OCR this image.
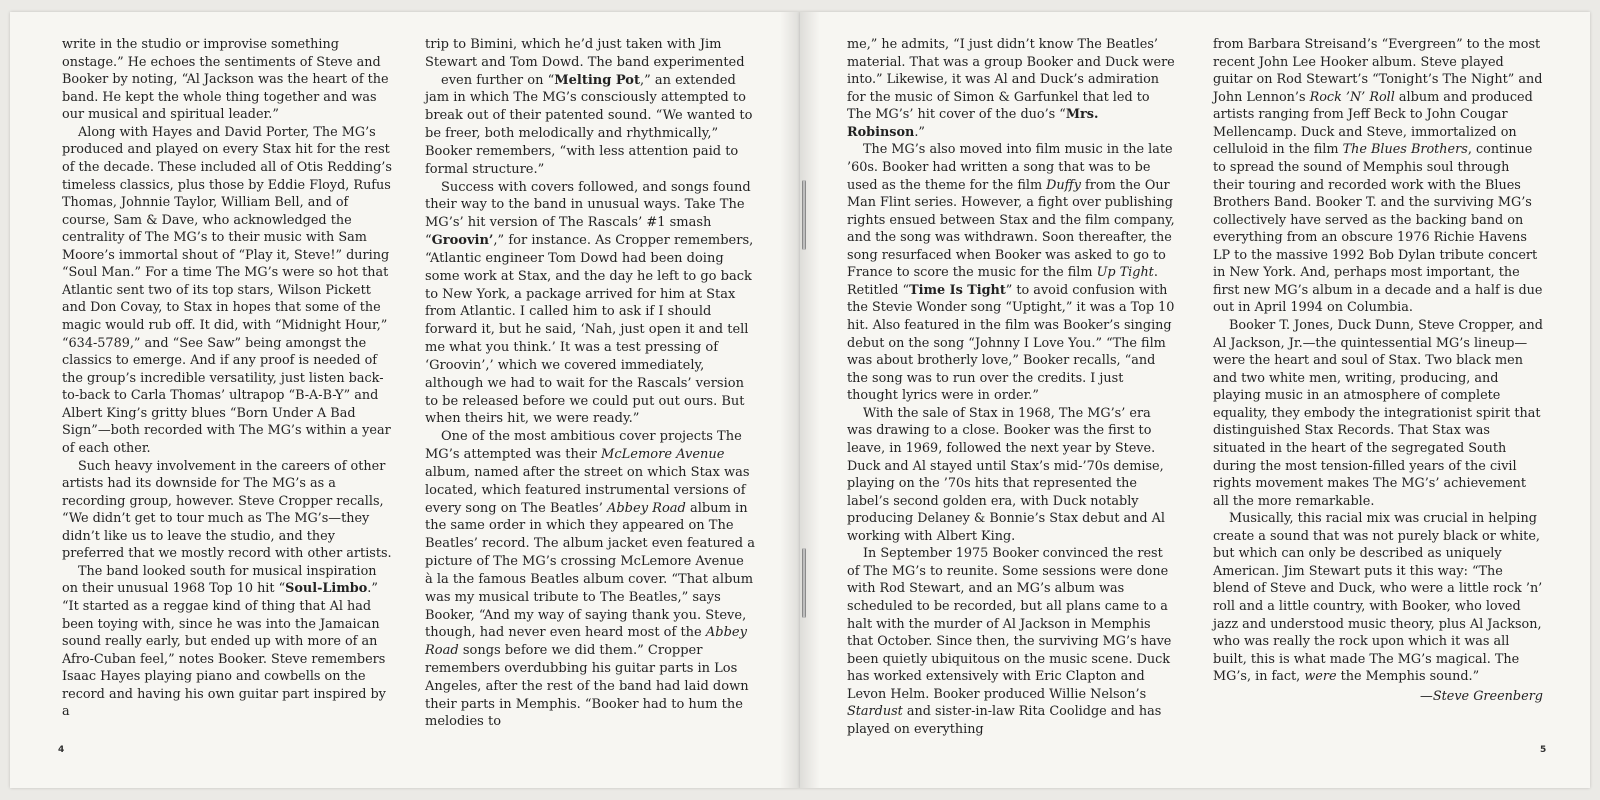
write in the studio or improvise something onstage.” He echoes the sentiments of Steve and Booker by noting, “Al Jackson was the heart of the band. He kept the whole thing together and was our musical and spiritual leader.”

Along with Hayes and David Porter, The MG’s produced and played on every Stax hit for the rest of the decade. These included all of Otis Redding’s timeless classics, plus those by Eddie Floyd, Rufus Thomas, Johnnie Taylor, William Bell, and of course, Sam & Dave, who acknowledged the centrality of The MG’s to their music with Sam Moore’s immortal shout of “Play it, Steve!” during “Soul Man.” For a time The MG’s were so hot that Atlantic sent two of its top stars, Wilson Pickett and Don Covay, to Stax in hopes that some of the magic would rub off. It did, with “Midnight Hour,” “634-5789,” and “See Saw” being amongst the classics to emerge. And if any proof is needed of the group’s incredible versatility, just listen back-to-back to Carla Thomas’ ultrapop “B-A-B-Y” and Albert King’s gritty blues “Born Under A Bad Sign”—both recorded with The MG’s within a year of each other.

Such heavy involvement in the careers of other artists had its downside for The MG’s as a recording group, however. Steve Cropper recalls, “We didn’t get to tour much as The MG’s—they didn’t like us to leave the studio, and they preferred that we mostly record with other artists.

The band looked south for musical inspiration on their unusual 1968 Top 10 hit “Soul-Limbo.” “It started as a reggae kind of thing that Al had been toying with, since he was into the Jamaican sound really early, but ended up with more of an Afro-Cuban feel,” notes Booker. Steve remembers Isaac Hayes playing piano and cowbells on the record and having his own guitar part inspired by a

trip to Bimini, which he’d just taken with Jim Stewart and Tom Dowd. The band experimented

even further on “Melting Pot,” an extended jam in which The MG’s consciously attempted to break out of their patented sound. “We wanted to be freer, both melodically and rhythmically,” Booker remembers, “with less attention paid to formal structure.”

Success with covers followed, and songs found their way to the band in unusual ways. Take The MG’s’ hit version of The Rascals’ #1 smash “Groovin’,” for instance. As Cropper remembers, “Atlantic engineer Tom Dowd had been doing some work at Stax, and the day he left to go back to New York, a package arrived for him at Stax from Atlantic. I called him to ask if I should forward it, but he said, ‘Nah, just open it and tell me what you think.’ It was a test pressing of ‘Groovin’,’ which we covered immediately, although we had to wait for the Rascals’ version to be released before we could put out ours. But when theirs hit, we were ready.”

One of the most ambitious cover projects The MG’s attempted was their McLemore Avenue album, named after the street on which Stax was located, which featured instrumental versions of every song on The Beatles’ Abbey Road album in the same order in which they appeared on The Beatles’ record. The album jacket even featured a picture of The MG’s crossing McLemore Avenue à la the famous Beatles album cover. “That album was my musical tribute to The Beatles,” says Booker, “And my way of saying thank you. Steve, though, had never even heard most of the Abbey Road songs before we did them.” Cropper remembers overdubbing his guitar parts in Los Angeles, after the rest of the band had laid down their parts in Memphis. “Booker had to hum the melodies to

me,” he admits, “I just didn’t know The Beatles’ material. That was a group Booker and Duck were into.” Likewise, it was Al and Duck’s admiration for the music of Simon & Garfunkel that led to The MG’s’ hit cover of the duo’s “Mrs. Robinson.”

The MG’s also moved into film music in the late ’60s. Booker had written a song that was to be used as the theme for the film Duffy from the Our Man Flint series. However, a fight over publishing rights ensued between Stax and the film company, and the song was withdrawn. Soon thereafter, the song resurfaced when Booker was asked to go to France to score the music for the film Up Tight. Retitled “Time Is Tight” to avoid confusion with the Stevie Wonder song “Uptight,” it was a Top 10 hit. Also featured in the film was Booker’s singing debut on the song “Johnny I Love You.” “The film was about brotherly love,” Booker recalls, “and the song was to run over the credits. I just thought lyrics were in order.”

With the sale of Stax in 1968, The MG’s’ era was drawing to a close. Booker was the first to leave, in 1969, followed the next year by Steve. Duck and Al stayed until Stax’s mid-’70s demise, playing on the ’70s hits that represented the label’s second golden era, with Duck notably producing Delaney & Bonnie’s Stax debut and Al working with Albert King.

In September 1975 Booker convinced the rest of The MG’s to reunite. Some sessions were done with Rod Stewart, and an MG’s album was scheduled to be recorded, but all plans came to a halt with the murder of Al Jackson in Memphis that October. Since then, the surviving MG’s have been quietly ubiquitous on the music scene. Duck has worked extensively with Eric Clapton and Levon Helm. Booker produced Willie Nelson’s Stardust and sister-in-law Rita Coolidge and has played on everything

from Barbara Streisand’s “Evergreen” to the most recent John Lee Hooker album. Steve played guitar on Rod Stewart’s “Tonight’s The Night” and John Lennon’s Rock ’N’ Roll album and produced artists ranging from Jeff Beck to John Cougar Mellencamp. Duck and Steve, immortalized on celluloid in the film The Blues Brothers, continue to spread the sound of Memphis soul through their touring and recorded work with the Blues Brothers Band. Booker T. and the surviving MG’s collectively have served as the backing band on everything from an obscure 1976 Richie Havens LP to the massive 1992 Bob Dylan tribute concert in New York. And, perhaps most important, the first new MG’s album in a decade and a half is due out in April 1994 on Columbia.

Booker T. Jones, Duck Dunn, Steve Cropper, and Al Jackson, Jr.—the quintessential MG’s lineup—were the heart and soul of Stax. Two black men and two white men, writing, producing, and playing music in an atmosphere of complete equality, they embody the integrationist spirit that distinguished Stax Records. That Stax was situated in the heart of the segregated South during the most tension-filled years of the civil rights movement makes The MG’s’ achievement all the more remarkable.

Musically, this racial mix was crucial in helping create a sound that was not purely black or white, but which can only be described as uniquely American. Jim Stewart puts it this way: “The blend of Steve and Duck, who were a little rock ’n’ roll and a little country, with Booker, who loved jazz and understood music theory, plus Al Jackson, who was really the rock upon which it was all built, this is what made The MG’s magical. The MG’s, in fact, were the Memphis sound.”

—Steve Greenberg
4	5
